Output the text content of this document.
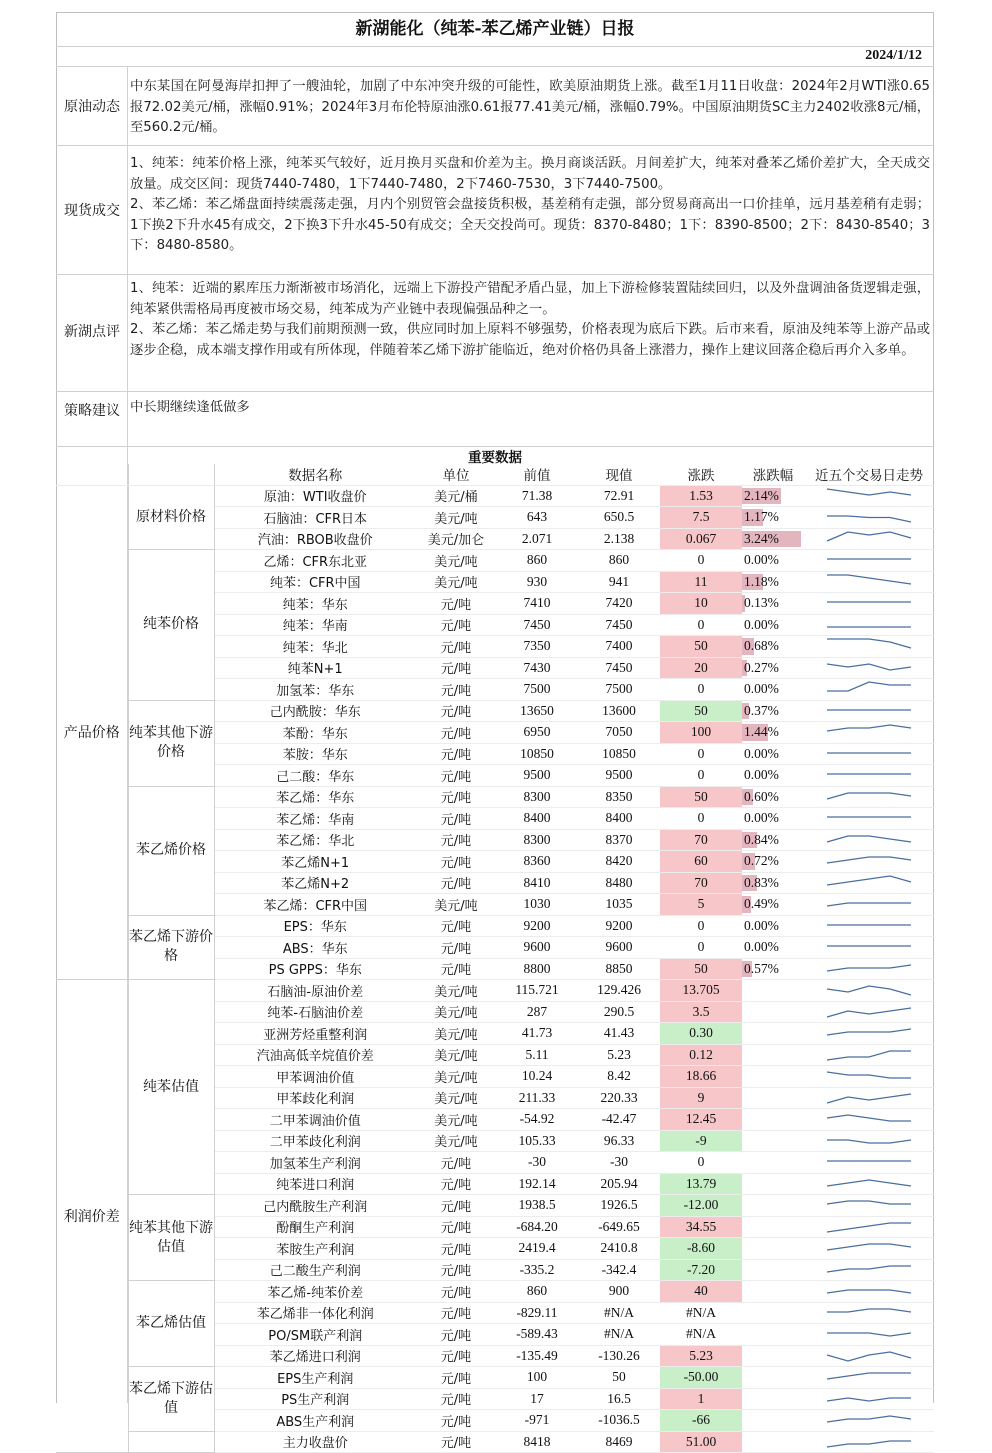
新湖能化（纯苯-苯乙烯产业链）日报
2024/1/12
原油动态

中东某国在阿曼海岸扣押了一艘油轮，加剧了中东冲突升级的可能性，欧美原油期货上涨。截至1月11日收盘：2024年2月WTI涨0.65报72.02美元/桶，涨幅0.91%；2024年3月布伦特原油涨0.61报77.41美元/桶，涨幅0.79%。中国原油期货SC主力2402收涨8元/桶，至560.2元/桶。

现货成交

1、纯苯：纯苯价格上涨，纯苯买气较好，近月换月买盘和价差为主。换月商谈活跃。月间差扩大，纯苯对叠苯乙烯价差扩大，全天成交放量。成交区间：现货7440-7480，1下7440-7480，2下7460-7530，3下7440-7500。

2、苯乙烯：苯乙烯盘面持续震荡走强，月内个别贸管会盘接货积极，基差稍有走强，部分贸易商高出一口价挂单，远月基差稍有走弱；1下换2下升水45有成交，2下换3下升水45-50有成交；全天交投尚可。现货：8370-8480；1下：8390-8500；2下：8430-8540；3下：8480-8580。

新湖点评

1、纯苯：近端的累库压力渐渐被市场消化，远端上下游投产错配矛盾凸显，加上下游检修装置陆续回归，以及外盘调油备货逻辑走强，纯苯紧供需格局再度被市场交易，纯苯成为产业链中表现偏强品种之一。

2、苯乙烯：苯乙烯走势与我们前期预测一致，供应同时加上原料不够强势，价格表现为底后下跌。后市来看，原油及纯苯等上游产品或逐步企稳，成本端支撑作用或有所体现，伴随着苯乙烯下游扩能临近，绝对价格仍具备上涨潜力，操作上建议回落企稳后再介入多单。

策略建议 中长期继续逢低做多

重要数据
		数据名称	单位	前值	现值	涨跌	涨跌幅	近五个交易日走势
产品价格	原材料价格	原油：WTI收盘价	美元/桶	71.38	72.91	1.53	2.14%	

		石脑油：CFR日本	美元/吨	643	650.5	7.5	1.17%	

		汽油：RBOB收盘价	美元/加仑	2.071	2.138	0.067	3.24%	

	纯苯价格	乙烯：CFR东北亚	美元/吨	860	860	0	0.00%	

		纯苯：CFR中国	美元/吨	930	941	11	1.18%	

		纯苯：华东	元/吨	7410	7420	10	0.13%	

		纯苯：华南	元/吨	7450	7450	0	0.00%	

		纯苯：华北	元/吨	7350	7400	50	0.68%	

		纯苯N+1	元/吨	7430	7450	20	0.27%	

		加氢苯：华东	元/吨	7500	7500	0	0.00%	

	纯苯其他下游价格	己内酰胺：华东	元/吨	13650	13600	50	0.37%	

		苯酚：华东	元/吨	6950	7050	100	1.44%	

		苯胺：华东	元/吨	10850	10850	0	0.00%	

		己二酸：华东	元/吨	9500	9500	0	0.00%	

	苯乙烯价格	苯乙烯：华东	元/吨	8300	8350	50	0.60%	

		苯乙烯：华南	元/吨	8400	8400	0	0.00%	

		苯乙烯：华北	元/吨	8300	8370	70	0.84%	

		苯乙烯N+1	元/吨	8360	8420	60	0.72%	

		苯乙烯N+2	元/吨	8410	8480	70	0.83%	

		苯乙烯：CFR中国	美元/吨	1030	1035	5	0.49%	

	苯乙烯下游价格	EPS：华东	元/吨	9200	9200	0	0.00%	

		ABS：华东	元/吨	9600	9600	0	0.00%	

		PS GPPS：华东	元/吨	8800	8850	50	0.57%	

利润价差	纯苯估值	石脑油-原油价差	美元/吨	115.721	129.426	13.705		

		纯苯-石脑油价差	美元/吨	287	290.5	3.5		

		亚洲芳烃重整利润	美元/吨	41.73	41.43	0.30		

		汽油高低辛烷值价差	美元/吨	5.11	5.23	0.12		

		甲苯调油价值	美元/吨	10.24	8.42	18.66		

		甲苯歧化利润	美元/吨	211.33	220.33	9		

		二甲苯调油价值	美元/吨	-54.92	-42.47	12.45		

		二甲苯歧化利润	美元/吨	105.33	96.33	-9		

		加氢苯生产利润	元/吨	-30	-30	0		

		纯苯进口利润	元/吨	192.14	205.94	13.79		

	纯苯其他下游估值	己内酰胺生产利润	元/吨	1938.5	1926.5	-12.00		

		酚酮生产利润	元/吨	-684.20	-649.65	34.55		

		苯胺生产利润	元/吨	2419.4	2410.8	-8.60		

		己二酸生产利润	元/吨	-335.2	-342.4	-7.20		

	苯乙烯估值	苯乙烯-纯苯价差	元/吨	860	900	40		

		苯乙烯非一体化利润	元/吨	-829.11	#N/A	#N/A		

		PO/SM联产利润	元/吨	-589.43	#N/A	#N/A		

		苯乙烯进口利润	元/吨	-135.49	-130.26	5.23		

	苯乙烯下游估值	EPS生产利润	元/吨	100	50	-50.00		

		PS生产利润	元/吨	17	16.5	1		

		ABS生产利润	元/吨	-971	-1036.5	-66		

		主力收盘价	元/吨	8418	8469	51.00		
